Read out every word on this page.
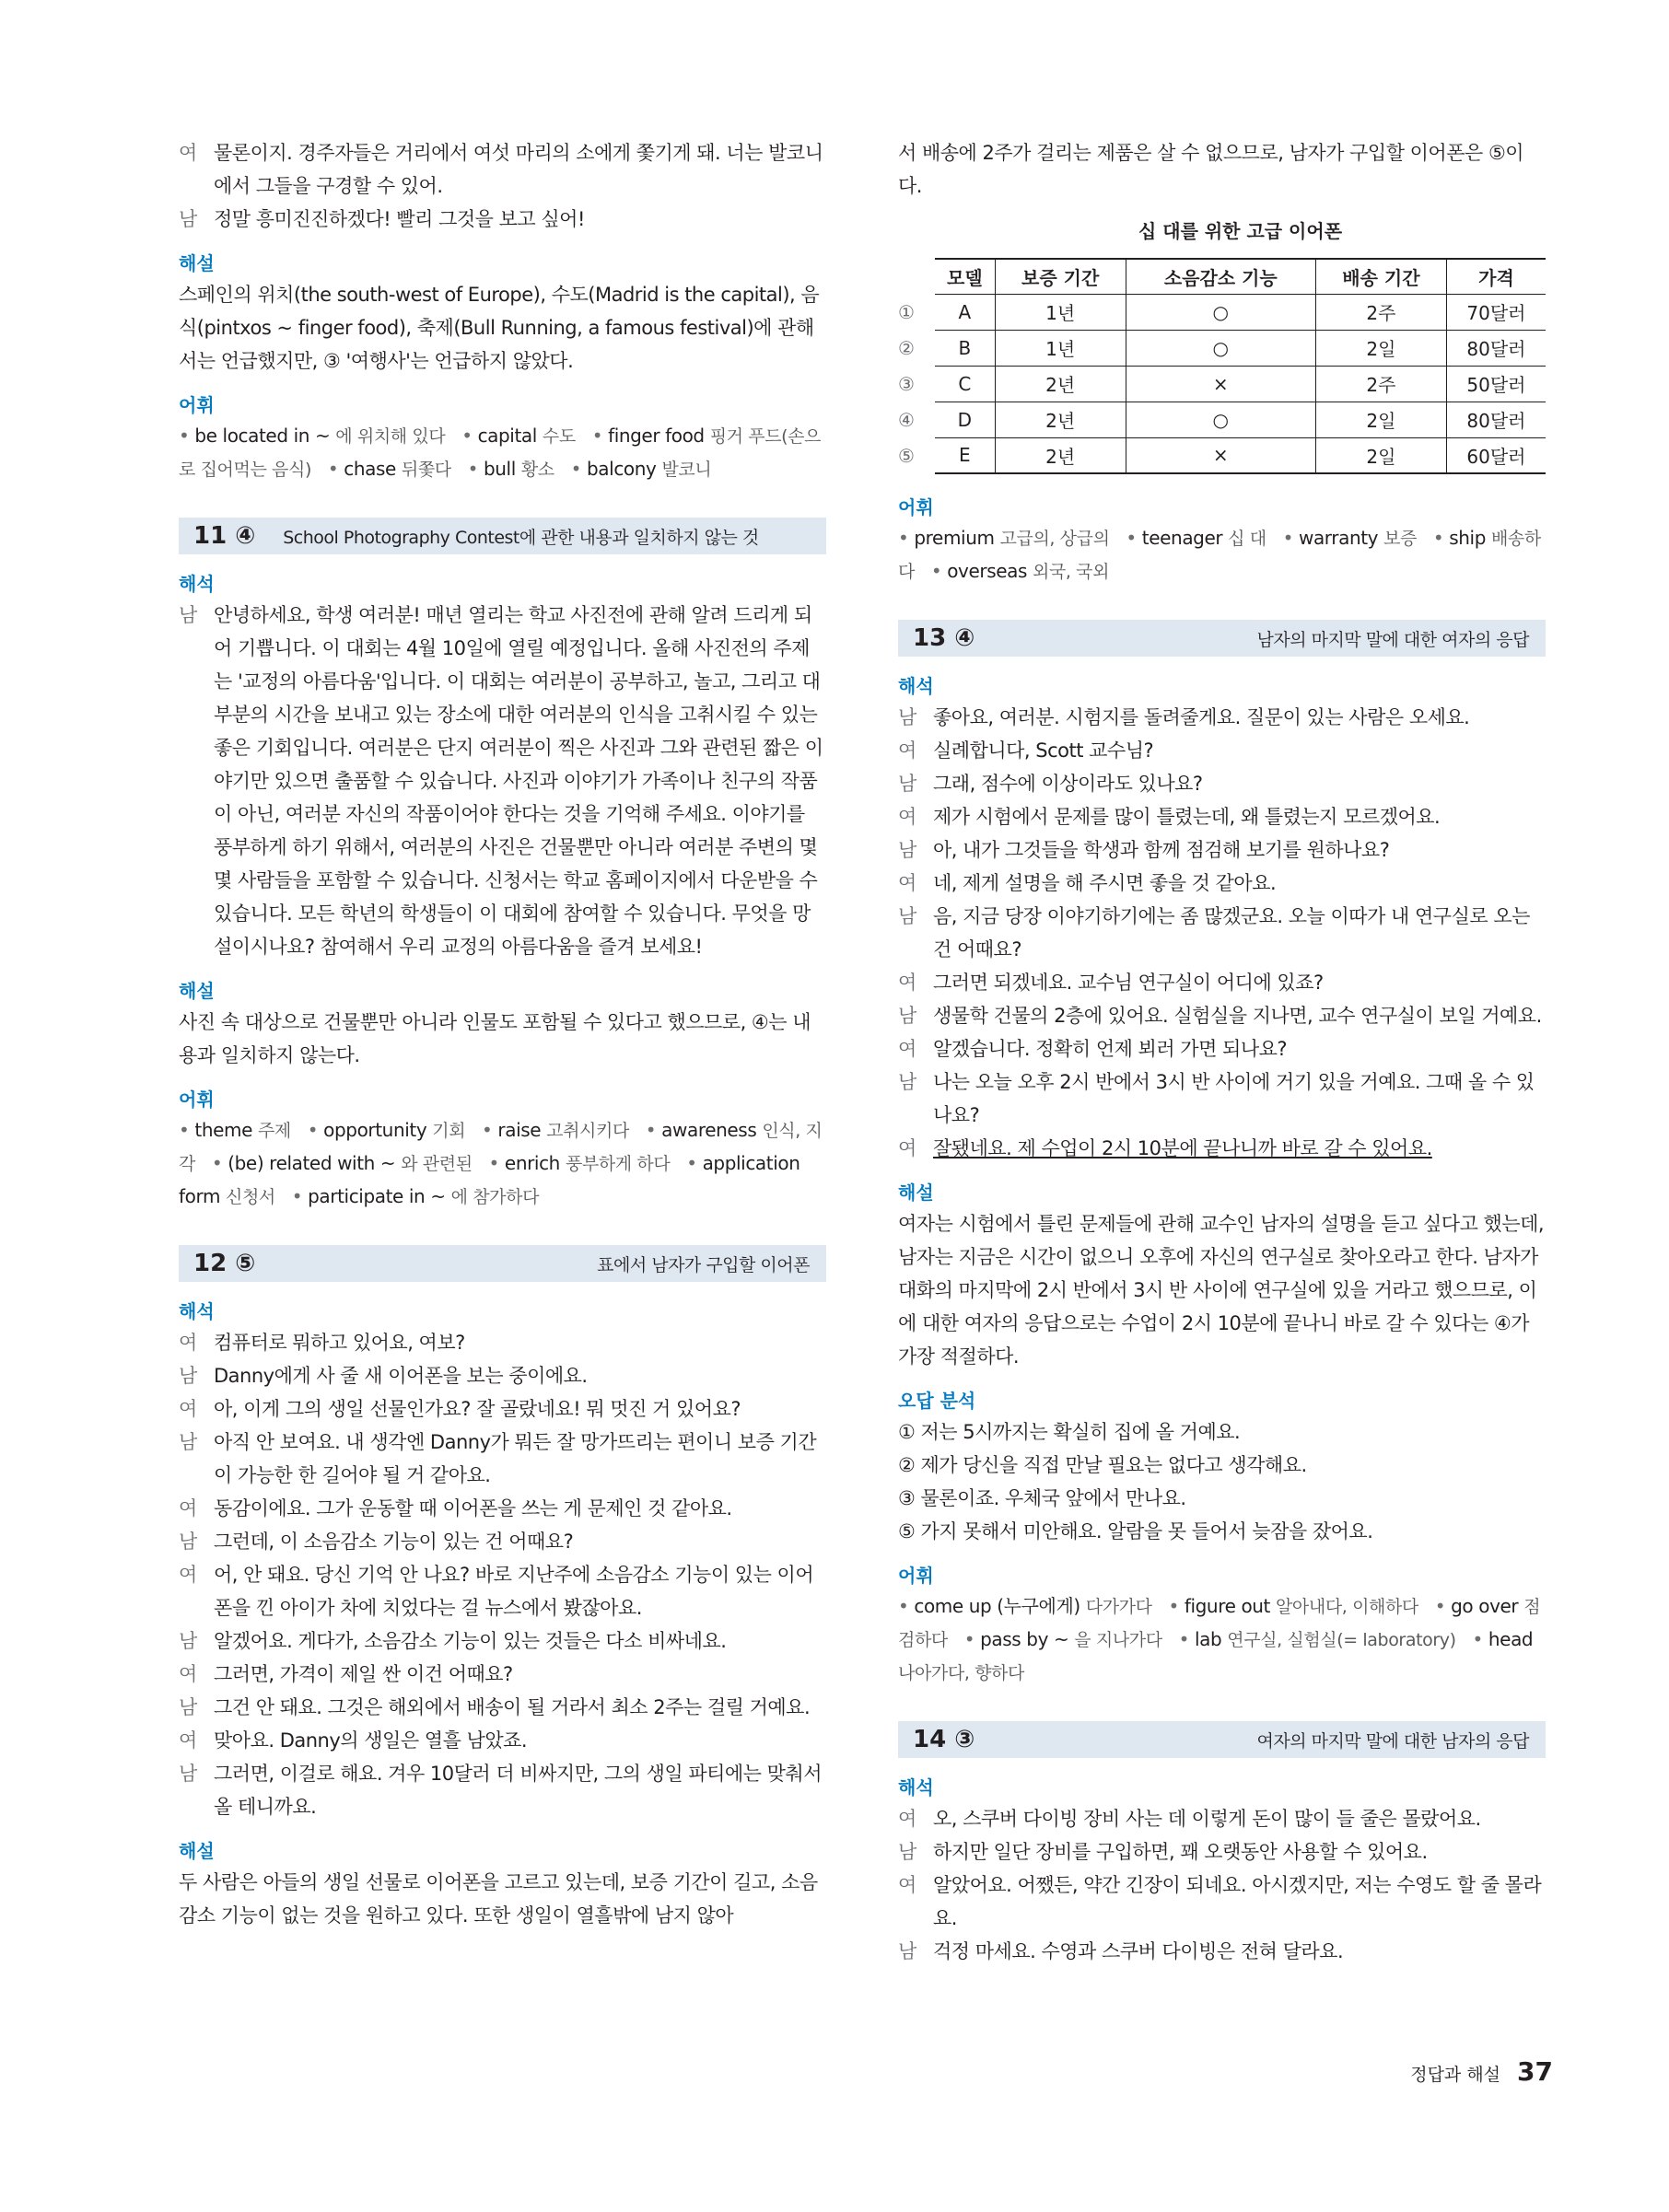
여 물론이지. 경주자들은 거리에서 여섯 마리의 소에게 쫓기게 돼. 너는 발코니에서 그들을 구경할 수 있어.
남 정말 흥미진진하겠다! 빨리 그것을 보고 싶어!
해설
스페인의 위치(the south-west of Europe), 수도(Madrid is the capital), 음식(pintxos ~ finger food), 축제(Bull Running, a famous festival)에 관해서는 언급했지만, ③ '여행사'는 언급하지 않았다.
어휘
• be located in ~ 에 위치해 있다 • capital 수도 • finger food 핑거 푸드(손으로 집어먹는 음식) • chase 뒤쫓다 • bull 황소 • balcony 발코니
11 ④ School Photography Contest에 관한 내용과 일치하지 않는 것
해석
남 안녕하세요, 학생 여러분! 매년 열리는 학교 사진전에 관해 알려 드리게 되어 기쁩니다. 이 대회는 4월 10일에 열릴 예정입니다. 올해 사진전의 주제는 '교정의 아름다움'입니다. 이 대회는 여러분이 공부하고, 놀고, 그리고 대부분의 시간을 보내고 있는 장소에 대한 여러분의 인식을 고취시킬 수 있는 좋은 기회입니다. 여러분은 단지 여러분이 찍은 사진과 그와 관련된 짧은 이야기만 있으면 출품할 수 있습니다. 사진과 이야기가 가족이나 친구의 작품이 아닌, 여러분 자신의 작품이어야 한다는 것을 기억해 주세요. 이야기를 풍부하게 하기 위해서, 여러분의 사진은 건물뿐만 아니라 여러분 주변의 몇몇 사람들을 포함할 수 있습니다. 신청서는 학교 홈페이지에서 다운받을 수 있습니다. 모든 학년의 학생들이 이 대회에 참여할 수 있습니다. 무엇을 망설이시나요? 참여해서 우리 교정의 아름다움을 즐겨 보세요!
해설
사진 속 대상으로 건물뿐만 아니라 인물도 포함될 수 있다고 했으므로, ④는 내용과 일치하지 않는다.
어휘
• theme 주제 • opportunity 기회 • raise 고취시키다 • awareness 인식, 지각 • (be) related with ~ 와 관련된 • enrich 풍부하게 하다 • application form 신청서 • participate in ~ 에 참가하다
12 ⑤	표에서 남자가 구입할 이어폰
해석
여 컴퓨터로 뭐하고 있어요, 여보?
남 Danny에게 사 줄 새 이어폰을 보는 중이에요.
여 아, 이게 그의 생일 선물인가요? 잘 골랐네요! 뭐 멋진 거 있어요?
남 아직 안 보여요. 내 생각엔 Danny가 뭐든 잘 망가뜨리는 편이니 보증 기간이 가능한 한 길어야 될 거 같아요.
여 동감이에요. 그가 운동할 때 이어폰을 쓰는 게 문제인 것 같아요.
남 그런데, 이 소음감소 기능이 있는 건 어때요?
여 어, 안 돼요. 당신 기억 안 나요? 바로 지난주에 소음감소 기능이 있는 이어폰을 낀 아이가 차에 치었다는 걸 뉴스에서 봤잖아요.
남 알겠어요. 게다가, 소음감소 기능이 있는 것들은 다소 비싸네요.
여 그러면, 가격이 제일 싼 이건 어때요?
남 그건 안 돼요. 그것은 해외에서 배송이 될 거라서 최소 2주는 걸릴 거예요.
여 맞아요. Danny의 생일은 열흘 남았죠.
남 그러면, 이걸로 해요. 겨우 10달러 더 비싸지만, 그의 생일 파티에는 맞춰서 올 테니까요.
해설
두 사람은 아들의 생일 선물로 이어폰을 고르고 있는데, 보증 기간이 길고, 소음감소 기능이 없는 것을 원하고 있다. 또한 생일이 열흘밖에 남지 않아
서 배송에 2주가 걸리는 제품은 살 수 없으므로, 남자가 구입할 이어폰은 ⑤이다.
십 대를 위한 고급 이어폰
	모델	보증 기간	소음감소 기능	배송 기간	가격
①	A	1년	○	2주	70달러
②	B	1년	○	2일	80달러
③	C	2년	×	2주	50달러
④	D	2년	○	2일	80달러
⑤	E	2년	×	2일	60달러
어휘
• premium 고급의, 상급의 • teenager 십 대 • warranty 보증 • ship 배송하다 • overseas 외국, 국외
13 ④	남자의 마지막 말에 대한 여자의 응답
해석
남 좋아요, 여러분. 시험지를 돌려줄게요. 질문이 있는 사람은 오세요.
여 실례합니다, Scott 교수님?
남 그래, 점수에 이상이라도 있나요?
여 제가 시험에서 문제를 많이 틀렸는데, 왜 틀렸는지 모르겠어요.
남 아, 내가 그것들을 학생과 함께 점검해 보기를 원하나요?
여 네, 제게 설명을 해 주시면 좋을 것 같아요.
남 음, 지금 당장 이야기하기에는 좀 많겠군요. 오늘 이따가 내 연구실로 오는 건 어때요?
여 그러면 되겠네요. 교수님 연구실이 어디에 있죠?
남 생물학 건물의 2층에 있어요. 실험실을 지나면, 교수 연구실이 보일 거예요.
여 알겠습니다. 정확히 언제 뵈러 가면 되나요?
남 나는 오늘 오후 2시 반에서 3시 반 사이에 거기 있을 거예요. 그때 올 수 있나요?
여 잘됐네요. 제 수업이 2시 10분에 끝나니까 바로 갈 수 있어요.
해설
여자는 시험에서 틀린 문제들에 관해 교수인 남자의 설명을 듣고 싶다고 했는데, 남자는 지금은 시간이 없으니 오후에 자신의 연구실로 찾아오라고 한다. 남자가 대화의 마지막에 2시 반에서 3시 반 사이에 연구실에 있을 거라고 했으므로, 이에 대한 여자의 응답으로는 수업이 2시 10분에 끝나니 바로 갈 수 있다는 ④가 가장 적절하다.
오답 분석
① 저는 5시까지는 확실히 집에 올 거예요.
② 제가 당신을 직접 만날 필요는 없다고 생각해요.
③ 물론이죠. 우체국 앞에서 만나요.
⑤ 가지 못해서 미안해요. 알람을 못 들어서 늦잠을 잤어요.
어휘
• come up (누구에게) 다가가다 • figure out 알아내다, 이해하다 • go over 점검하다 • pass by ~ 을 지나가다 • lab 연구실, 실험실(= laboratory) • head 나아가다, 향하다
14 ③	여자의 마지막 말에 대한 남자의 응답
해석
여 오, 스쿠버 다이빙 장비 사는 데 이렇게 돈이 많이 들 줄은 몰랐어요.
남 하지만 일단 장비를 구입하면, 꽤 오랫동안 사용할 수 있어요.
여 알았어요. 어쨌든, 약간 긴장이 되네요. 아시겠지만, 저는 수영도 할 줄 몰라요.
남 걱정 마세요. 수영과 스쿠버 다이빙은 전혀 달라요.
정답과 해설 37
